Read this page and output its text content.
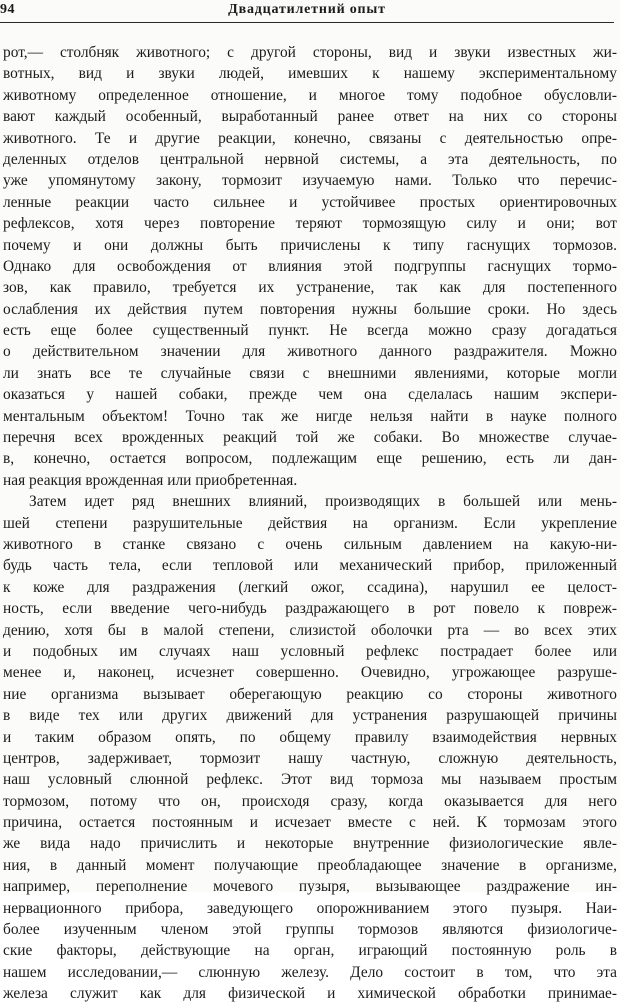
94	Двадцатилетний опыт
рот,— столбняк животного; с другой стороны, вид и звуки известных жи-
вотных, вид и звуки людей, имевших к нашему экспериментальному
животному определенное отношение, и многое тому подобное обусловли-
вают каждый особенный, выработанный ранее ответ на них со стороны
животного. Те и другие реакции, конечно, связаны с деятельностью опре-
деленных отделов центральной нервной системы, а эта деятельность, по
уже упомянутому закону, тормозит изучаемую нами. Только что перечис-
ленные реакции часто сильнее и устойчивее простых ориентировочных
рефлексов, хотя через повторение теряют тормозящую силу и они; вот
почему и они должны быть причислены к типу гаснущих тормозов.
Однако для освобождения от влияния этой подгруппы гаснущих тормо-
зов, как правило, требуется их устранение, так как для постепенного
ослабления их действия путем повторения нужны большие сроки. Но здесь
есть еще более существенный пункт. Не всегда можно сразу догадаться
о действительном значении для животного данного раздражителя. Можно
ли знать все те случайные связи с внешними явлениями, которые могли
оказаться у нашей собаки, прежде чем она сделалась нашим экспери-
ментальным объектом! Точно так же нигде нельзя найти в науке полного
перечня всех врожденных реакций той же собаки. Во множестве случае-
в, конечно, остается вопросом, подлежащим еще решению, есть ли дан-
ная реакция врожденная или приобретенная.
Затем идет ряд внешних влияний, производящих в большей или мень-
шей степени разрушительные действия на организм. Если укрепление
животного в станке связано с очень сильным давлением на какую-ни-
будь часть тела, если тепловой или механический прибор, приложенный
к коже для раздражения (легкий ожог, ссадина), нарушил ее целост-
ность, если введение чего-нибудь раздражающего в рот повело к повреж-
дению, хотя бы в малой степени, слизистой оболочки рта — во всех этих
и подобных им случаях наш условный рефлекс пострадает более или
менее и, наконец, исчезнет совершенно. Очевидно, угрожающее разруше-
ние организма вызывает оберегающую реакцию со стороны животного
в виде тех или других движений для устранения разрушающей причины
и таким образом опять, по общему правилу взаимодействия нервных
центров, задерживает, тормозит нашу частную, сложную деятельность,
наш условный слюнной рефлекс. Этот вид тормоза мы называем простым
тормозом, потому что он, происходя сразу, когда оказывается для него
причина, остается постоянным и исчезает вместе с ней. К тормозам этого
же вида надо причислить и некоторые внутренние физиологические явле-
ния, в данный момент получающие преобладающее значение в организме,
например, переполнение мочевого пузыря, вызывающее раздражение ин-
нервационного прибора, заведующего опорожниванием этого пузыря. Наи-
более изученным членом этой группы тормозов являются физиологиче-
ские факторы, действующие на орган, играющий постоянную роль в
нашем исследовании,— слюнную железу. Дело состоит в том, что эта
железа служит как для физической и химической обработки принимае-
